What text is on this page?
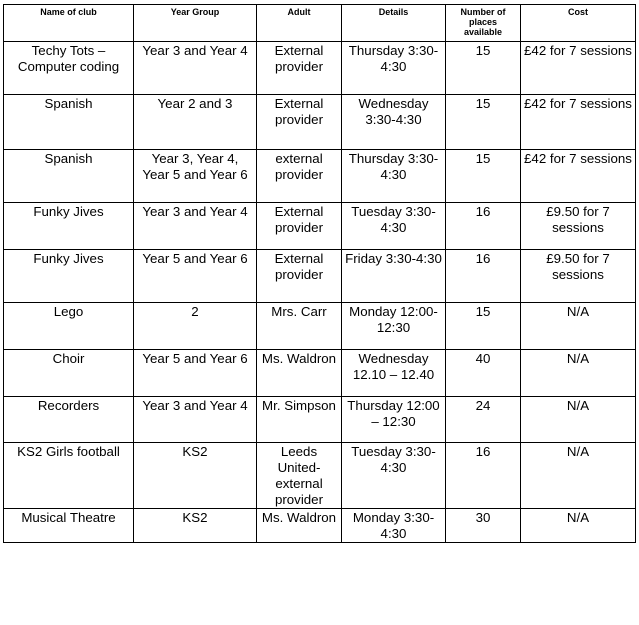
Name of club	Year Group	Adult	Details	Number of places available	Cost
Techy Tots – Computer coding	Year 3 and Year 4	External provider	Thursday 3:30-4:30	15	£42 for 7 sessions
Spanish	Year 2 and 3	External provider	Wednesday 3:30-4:30	15	£42 for 7 sessions
Spanish	Year 3, Year 4, Year 5 and Year 6	external provider	Thursday 3:30-4:30	15	£42 for 7 sessions
Funky Jives	Year 3 and Year 4	External provider	Tuesday 3:30-4:30	16	£9.50 for 7 sessions
Funky Jives	Year 5 and Year 6	External provider	Friday 3:30-4:30	16	£9.50 for 7 sessions
Lego	2	Mrs. Carr	Monday 12:00-12:30	15	N/A
Choir	Year 5 and Year 6	Ms. Waldron	Wednesday 12.10 – 12.40	40	N/A
Recorders	Year 3 and Year 4	Mr. Simpson	Thursday 12:00 – 12:30	24	N/A
KS2 Girls football	KS2	Leeds United- external provider	Tuesday 3:30-4:30	16	N/A
Musical Theatre	KS2	Ms. Waldron	Monday 3:30-4:30	30	N/A
